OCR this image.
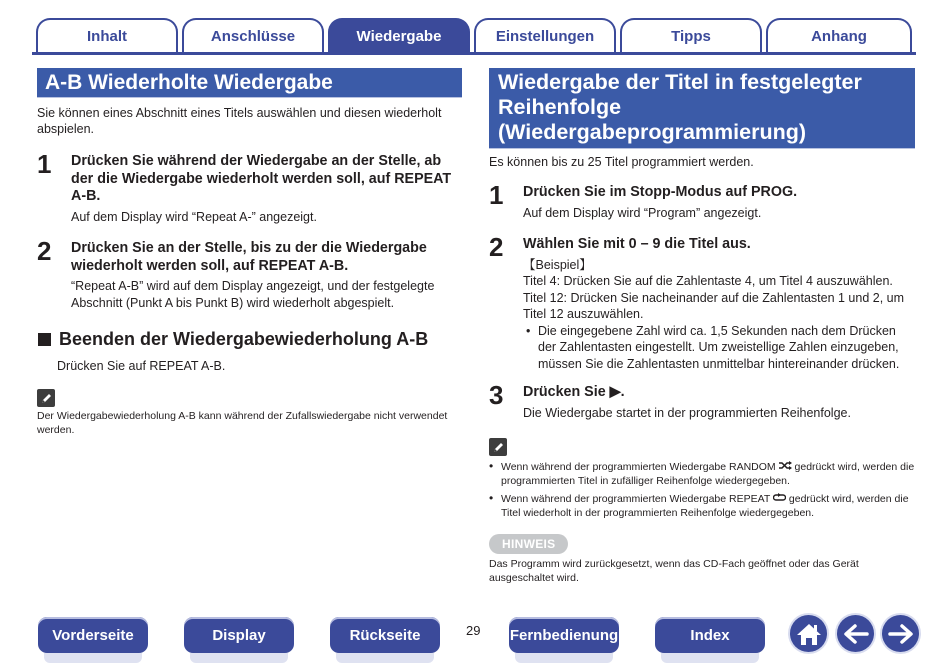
Inhalt	Anschlüsse	Wiedergabe	Einstellungen	Tipps	Anhang
A-B Wiederholte Wiedergabe
Sie können eines Abschnitt eines Titels auswählen und diesen wiederholt abspielen.
1 Drücken Sie während der Wiedergabe an der Stelle, ab der die Wiedergabe wiederholt werden soll, auf REPEAT A-B.
Auf dem Display wird “Repeat A-” angezeigt.
2 Drücken Sie an der Stelle, bis zu der die Wiedergabe wiederholt werden soll, auf REPEAT A-B.
“Repeat A-B” wird auf dem Display angezeigt, und der festgelegte Abschnitt (Punkt A bis Punkt B) wird wiederholt abgespielt.
Beenden der Wiedergabewiederholung A-B
Drücken Sie auf REPEAT A-B.
Der Wiedergabewiederholung A-B kann während der Zufallswiedergabe nicht verwendet werden.
Wiedergabe der Titel in festgelegter Reihenfolge (Wiedergabeprogrammierung)
Es können bis zu 25 Titel programmiert werden.
1 Drücken Sie im Stopp-Modus auf PROG.
Auf dem Display wird “Program” angezeigt.
2 Wählen Sie mit 0 – 9 die Titel aus.
【Beispiel】
Titel 4: Drücken Sie auf die Zahlentaste 4, um Titel 4 auszuwählen.
Titel 12: Drücken Sie nacheinander auf die Zahlentasten 1 und 2, um Titel 12 auszuwählen.
• Die eingegebene Zahl wird ca. 1,5 Sekunden nach dem Drücken der Zahlentasten eingestellt. Um zweistellige Zahlen einzugeben, müssen Sie die Zahlentasten unmittelbar hintereinander drücken.
3 Drücken Sie ▶.
Die Wiedergabe startet in der programmierten Reihenfolge.
• Wenn während der programmierten Wiedergabe RANDOM  gedrückt wird, werden die programmierten Titel in zufälliger Reihenfolge wiedergegeben.
• Wenn während der programmierten Wiedergabe REPEAT  gedrückt wird, werden die Titel wiederholt in der programmierten Reihenfolge wiedergegeben.
HINWEIS
Das Programm wird zurückgesetzt, wenn das CD-Fach geöffnet oder das Gerät ausgeschaltet wird.
Vorderseite	Display	Rückseite	29 Fernbedienung	Index
